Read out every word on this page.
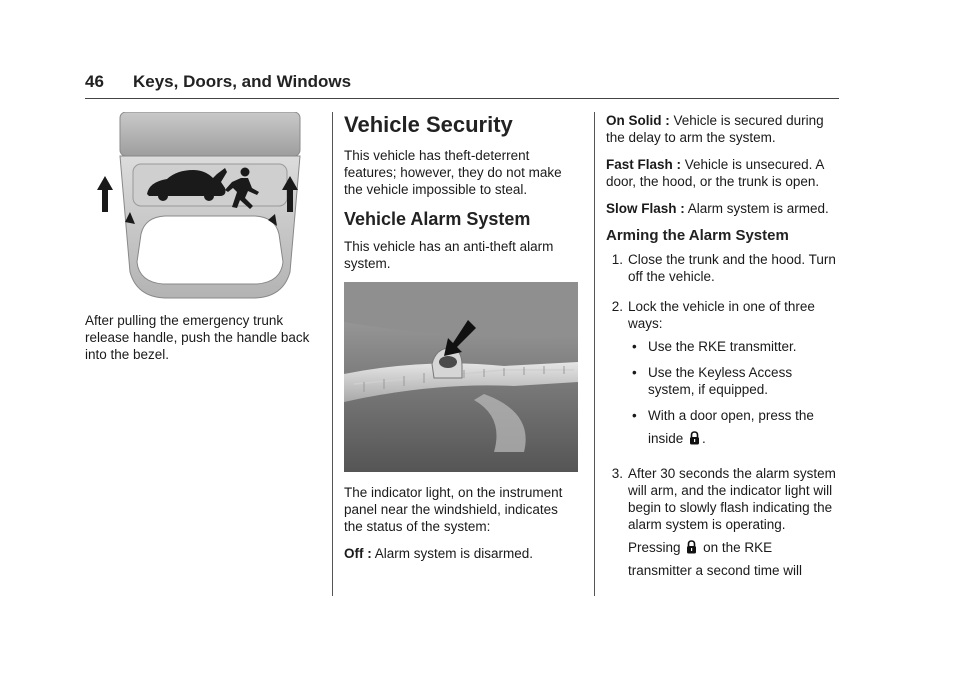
46 Keys, Doors, and Windows

After pulling the emergency trunk release handle, push the handle back into the bezel.

Vehicle Security

This vehicle has theft-deterrent features; however, they do not make the vehicle impossible to steal.

Vehicle Alarm System

This vehicle has an anti-theft alarm system.

The indicator light, on the instrument panel near the windshield, indicates the status of the system:

Off : Alarm system is disarmed.

On Solid : Vehicle is secured during the delay to arm the system.

Fast Flash : Vehicle is unsecured. A door, the hood, or the trunk is open.

Slow Flash : Alarm system is armed.

Arming the Alarm System
1. Close the trunk and the hood. Turn off the vehicle.

2. Lock the vehicle in one of three ways:

• Use the RKE transmitter.
• Use the Keyless Access system, if equipped.
• With a door open, press the
inside .
3. After 30 seconds the alarm system will arm, and the indicator light will begin to slowly flash indicating the alarm system is operating.

Pressing on the RKE

transmitter a second time will
